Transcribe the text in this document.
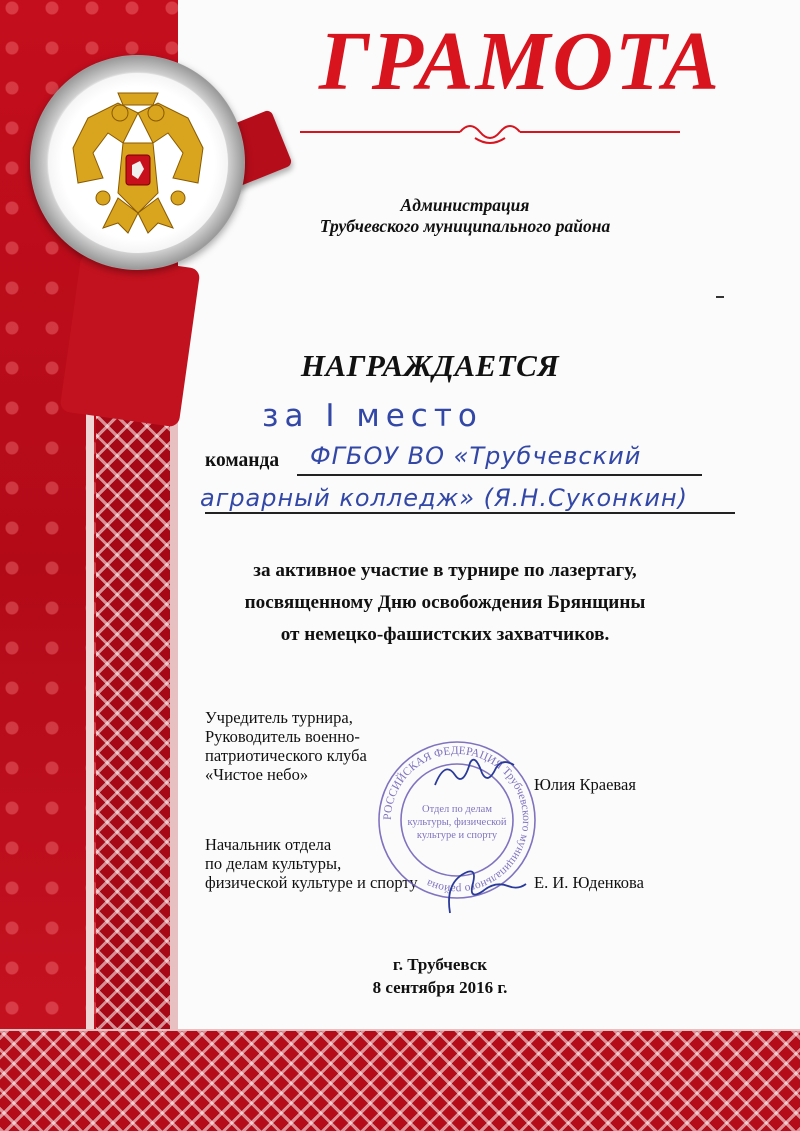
ГРАМОТА
Администрация
Трубчевского муниципального района
НАГРАЖДАЕТСЯ
за I место
команда ФГБОУ ВО «Трубчевский
аграрный колледж» (Я.Н.Суконкин)
за активное участие в турнире по лазертагу,
посвященному Дню освобождения Брянщины
от немецко-фашистских захватчиков.
Учредитель турнира,
Руководитель военно-
патриотического клуба
«Чистое небо»
Юлия Краевая
Начальник отдела
по делам культуры,
физической культуре и спорту	Е. И. Юденкова
РОССИЙСКАЯ ФЕДЕРАЦИЯ Трубчевского муниципального района
Отдел по делам
культуры, физической
культуре и спорту
г. Трубчевск
8 сентября 2016 г.
